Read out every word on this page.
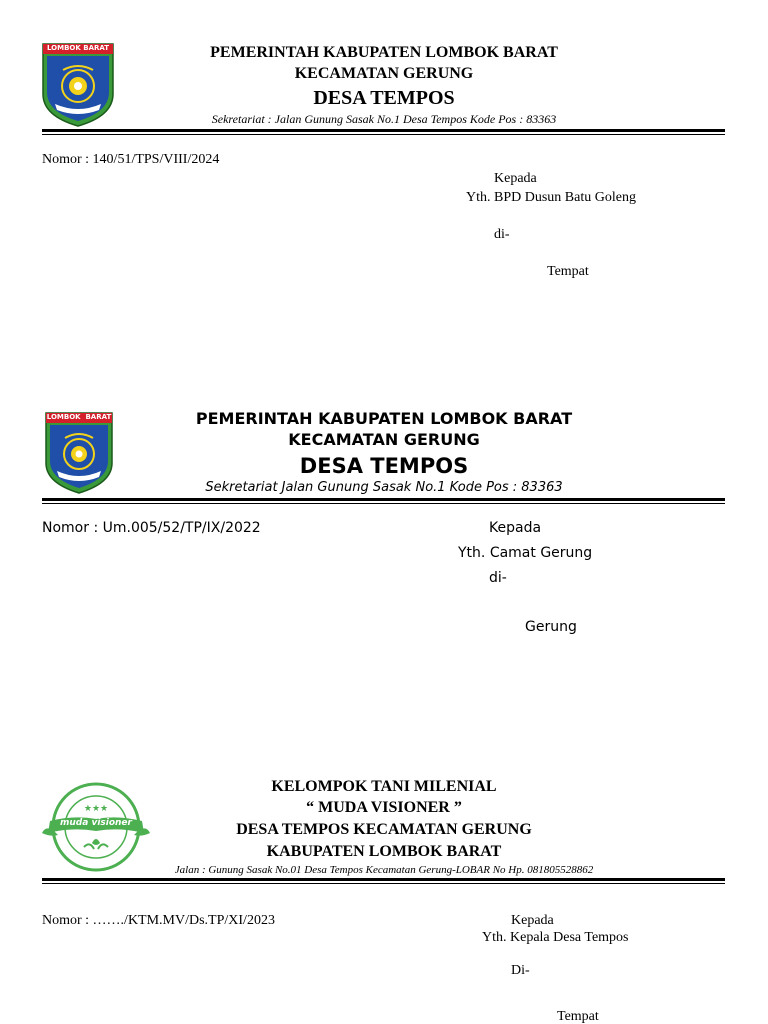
LOMBOK BARAT	PEMERINTAH KABUPATEN LOMBOK BARAT
KECAMATAN GERUNG
DESA TEMPOS
Sekretariat : Jalan Gunung Sasak No.1 Desa Tempos Kode Pos : 83363
Nomor : 140/51/TPS/VIII/2024
Kepada
Yth. BPD Dusun Batu Goleng
di-
Tempat
LOMBOK  BARAT	PEMERINTAH KABUPATEN LOMBOK BARAT
KECAMATAN GERUNG
DESA TEMPOS
Sekretariat Jalan Gunung Sasak No.1 Kode Pos : 83363
Nomor : Um.005/52/TP/IX/2022	Kepada
Yth. Camat Gerung
di-
Gerung
★★★
muda visioner
KELOMPOK TANI MILENIAL
“ MUDA VISIONER ”
DESA TEMPOS KECAMATAN GERUNG
KABUPATEN LOMBOK BARAT
Jalan : Gunung Sasak No.01 Desa Tempos Kecamatan Gerung-LOBAR No Hp. 081805528862
Nomor : ……./KTM.MV/Ds.TP/XI/2023	Kepada
Yth. Kepala Desa Tempos
Di-
Tempat
